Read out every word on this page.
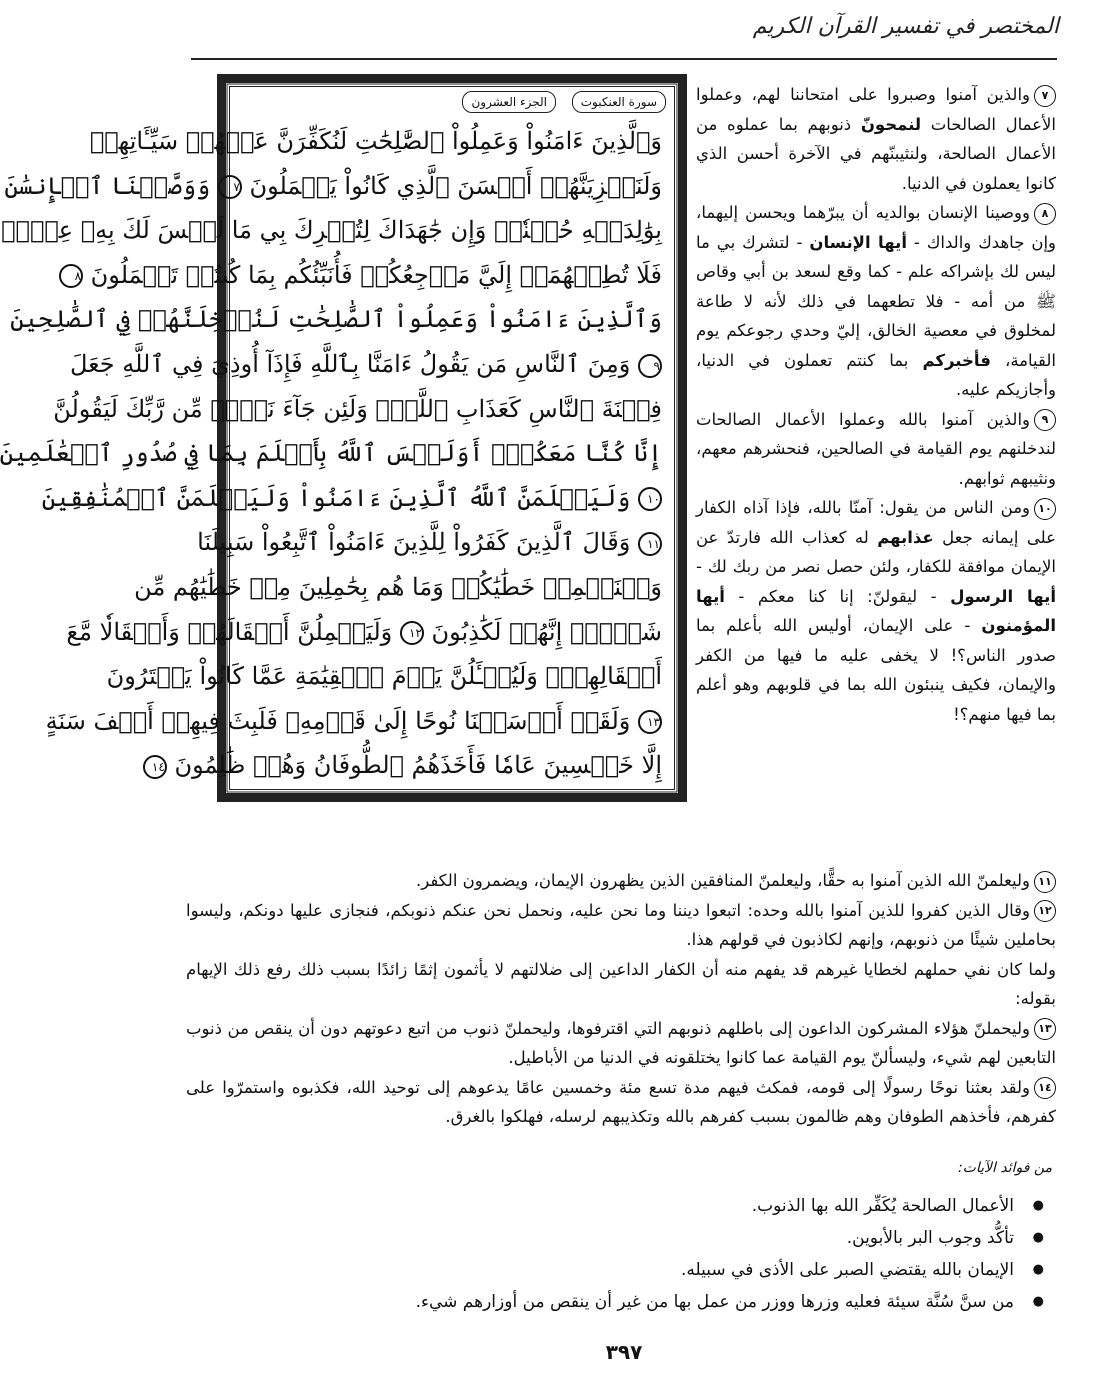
المختصر في تفسير القرآن الكريم
الجزء العشرون	سورة العنكبوت
وَٱلَّذِينَ ءَامَنُواْ وَعَمِلُواْ ٱلصَّٰلِحَٰتِ لَنُكَفِّرَنَّ عَنۡهُمۡ سَيِّـَٔاتِهِمۡ
وَلَنَجۡزِيَنَّهُمۡ أَحۡسَنَ ٱلَّذِي كَانُواْ يَعۡمَلُونَ ٧ وَوَصَّيۡنَا ٱلۡإِنسَٰنَ
بِوَٰلِدَيۡهِ حُسۡنٗاۖ وَإِن جَٰهَدَاكَ لِتُشۡرِكَ بِي مَا لَيۡسَ لَكَ بِهِۦ عِلۡمٞ
فَلَا تُطِعۡهُمَآۚ إِلَيَّ مَرۡجِعُكُمۡ فَأُنَبِّئُكُم بِمَا كُنتُمۡ تَعۡمَلُونَ ٨
وَٱلَّذِينَ ءَامَنُواْ وَعَمِلُواْ ٱلصَّٰلِحَٰتِ لَنُدۡخِلَنَّهُمۡ فِي ٱلصَّٰلِحِينَ
٩ وَمِنَ ٱلنَّاسِ مَن يَقُولُ ءَامَنَّا بِٱللَّهِ فَإِذَآ أُوذِيَ فِي ٱللَّهِ جَعَلَ
فِتۡنَةَ ٱلنَّاسِ كَعَذَابِ ٱللَّهِۖ وَلَئِن جَآءَ نَصۡرٞ مِّن رَّبِّكَ لَيَقُولُنَّ
إِنَّا كُنَّا مَعَكُمۡۚ أَوَلَيۡسَ ٱللَّهُ بِأَعۡلَمَ بِمَا فِي صُدُورِ ٱلۡعَٰلَمِينَ
١٠ وَلَيَعۡلَمَنَّ ٱللَّهُ ٱلَّذِينَ ءَامَنُواْ وَلَيَعۡلَمَنَّ ٱلۡمُنَٰفِقِينَ
١١ وَقَالَ ٱلَّذِينَ كَفَرُواْ لِلَّذِينَ ءَامَنُواْ ٱتَّبِعُواْ سَبِيلَنَا
وَلۡنَحۡمِلۡ خَطَٰيَٰكُمۡ وَمَا هُم بِحَٰمِلِينَ مِنۡ خَطَٰيَٰهُم مِّن
شَيۡءٍۖ إِنَّهُمۡ لَكَٰذِبُونَ ١٢ وَلَيَحۡمِلُنَّ أَثۡقَالَهُمۡ وَأَثۡقَالٗا مَّعَ
أَثۡقَالِهِمۡۖ وَلَيُسۡـَٔلُنَّ يَوۡمَ ٱلۡقِيَٰمَةِ عَمَّا كَانُواْ يَفۡتَرُونَ
١٣ وَلَقَدۡ أَرۡسَلۡنَا نُوحًا إِلَىٰ قَوۡمِهِۦ فَلَبِثَ فِيهِمۡ أَلۡفَ سَنَةٍ
إِلَّا خَمۡسِينَ عَامٗا فَأَخَذَهُمُ ٱلطُّوفَانُ وَهُمۡ ظَٰلِمُونَ ١٤
٧والذين آمنوا وصبروا على امتحاننا لهم، وعملوا الأعمال الصالحات لنمحونّ ذنوبهم بما عملوه من الأعمال الصالحة، ولنثيبنّهم في الآخرة أحسن الذي كانوا يعملون في الدنيا.
٨ووصينا الإنسان بوالديه أن يبرّهما ويحسن إليهما، وإن جاهدك والداك - أيها الإنسان - لتشرك بي ما ليس لك بإشراكه علم - كما وقع لسعد بن أبي وقاص ﷺ من أمه - فلا تطعهما في ذلك لأنه لا طاعة لمخلوق في معصية الخالق، إليّ وحدي رجوعكم يوم القيامة، فأخبركم بما كنتم تعملون في الدنيا، وأجازيكم عليه.
٩والذين آمنوا بالله وعملوا الأعمال الصالحات لندخلنهم يوم القيامة في الصالحين، فنحشرهم معهم، ونثيبهم ثوابهم.
١٠ومن الناس من يقول: آمنّا بالله، فإذا آذاه الكفار على إيمانه جعل عذابهم له كعذاب الله فارتدّ عن الإيمان موافقة للكفار، ولئن حصل نصر من ربك لك - أيها الرسول - ليقولنّ: إنا كنا معكم - أيها المؤمنون - على الإيمان، أوليس الله بأعلم بما صدور الناس؟! لا يخفى عليه ما فيها من الكفر والإيمان، فكيف ينبئون الله بما في قلوبهم وهو أعلم بما فيها منهم؟!
١١وليعلمنّ الله الذين آمنوا به حقًّا، وليعلمنّ المنافقين الذين يظهرون الإيمان، ويضمرون الكفر.
١٢وقال الذين كفروا للذين آمنوا بالله وحده: اتبعوا ديننا وما نحن عليه، ونحمل نحن عنكم ذنوبكم، فنجازى عليها دونكم، وليسوا بحاملين شيئًا من ذنوبهم، وإنهم لكاذبون في قولهم هذا.
ولما كان نفي حملهم لخطايا غيرهم قد يفهم منه أن الكفار الداعين إلى ضلالتهم لا يأثمون إثمًا زائدًا بسبب ذلك رفع ذلك الإيهام بقوله:
١٣وليحملنّ هؤلاء المشركون الداعون إلى باطلهم ذنوبهم التي اقترفوها، وليحملنّ ذنوب من اتبع دعوتهم دون أن ينقص من ذنوب التابعين لهم شيء، وليسألنّ يوم القيامة عما كانوا يختلقونه في الدنيا من الأباطيل.
١٤ولقد بعثنا نوحًا رسولًا إلى قومه، فمكث فيهم مدة تسع مئة وخمسين عامًا يدعوهم إلى توحيد الله، فكذبوه واستمرّوا على كفرهم، فأخذهم الطوفان وهم ظالمون بسبب كفرهم بالله وتكذيبهم لرسله، فهلكوا بالغرق.
من فوائد الآيات:
● الأعمال الصالحة يُكَفِّر الله بها الذنوب.
● تأكُّد وجوب البر بالأبوين.
● الإيمان بالله يقتضي الصبر على الأذى في سبيله.
● من سنَّ سُنَّة سيئة فعليه وزرها ووزر من عمل بها من غير أن ينقص من أوزارهم شيء.
٣٩٧
